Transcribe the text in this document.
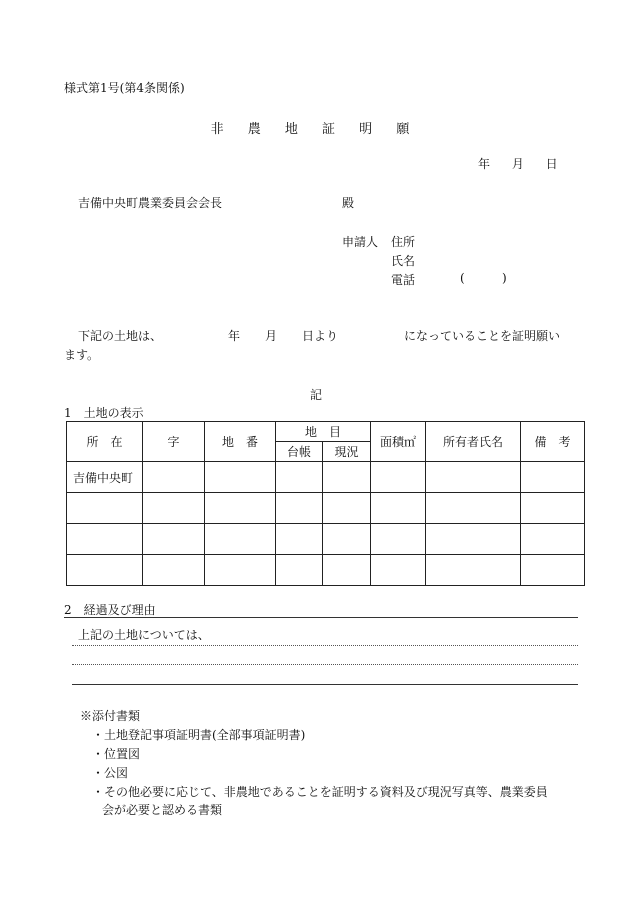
様式第1号(第4条関係)
非 農 地 証 明 願
年 月 日
吉備中央町農業委員会会長	殿
申請人 住所
氏名
電話	(	)
下記の土地は、	年 月 日より	になっていることを証明願い
ます。
記
1　土地の表示
所　在	字	地　番	地　目		面積㎡	所有者氏名	備　考
			台帳	現況			
吉備中央町							

2　経過及び理由
上記の土地については、
※添付書類
・土地登記事項証明書(全部事項証明書)
・位置図
・公図
・その他必要に応じて、非農地であることを証明する資料及び現況写真等、農業委員
会が必要と認める書類
